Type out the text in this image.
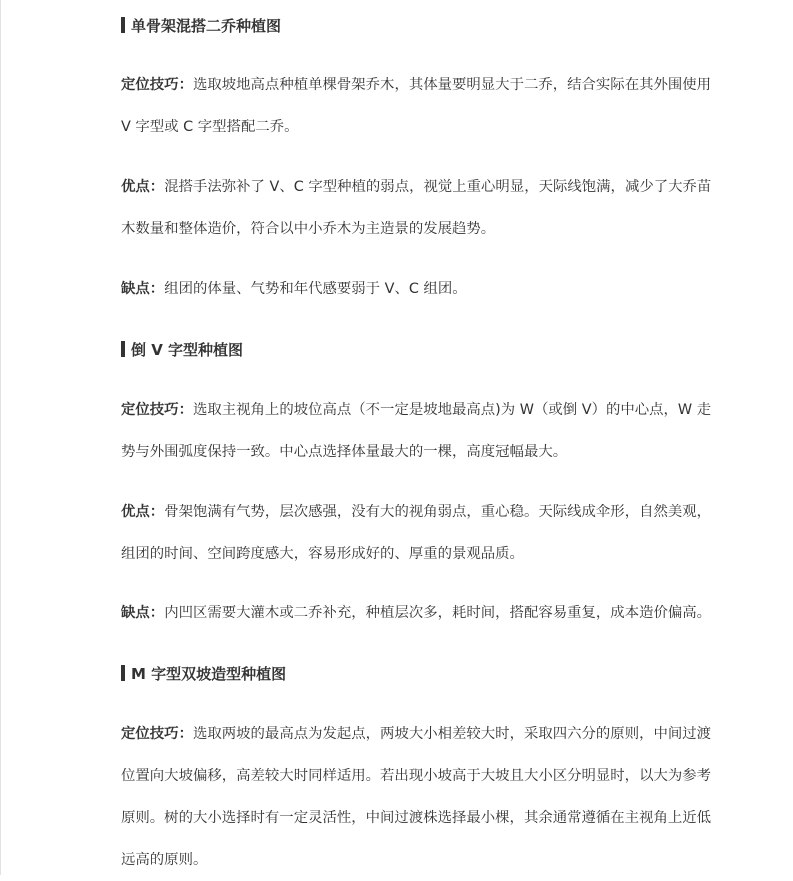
单骨架混搭二乔种植图
定位技巧：选取坡地高点种植单棵骨架乔木，其体量要明显大于二乔，结合实际在其外围使用
V 字型或 C 字型搭配二乔。
优点：混搭手法弥补了 V、C 字型种植的弱点，视觉上重心明显，天际线饱满，减少了大乔苗
木数量和整体造价，符合以中小乔木为主造景的发展趋势。
缺点：组团的体量、气势和年代感要弱于 V、C 组团。
倒 V 字型种植图
定位技巧：选取主视角上的坡位高点（不一定是坡地最高点)为 W（或倒 V）的中心点，W 走
势与外围弧度保持一致。中心点选择体量最大的一棵，高度冠幅最大。
优点：骨架饱满有气势，层次感强，没有大的视角弱点，重心稳。天际线成伞形，自然美观，
组团的时间、空间跨度感大，容易形成好的、厚重的景观品质。
缺点：内凹区需要大灌木或二乔补充，种植层次多，耗时间，搭配容易重复，成本造价偏高。
M 字型双坡造型种植图
定位技巧：选取两坡的最高点为发起点，两坡大小相差较大时，采取四六分的原则，中间过渡
位置向大坡偏移，高差较大时同样适用。若出现小坡高于大坡且大小区分明显时，以大为参考
原则。树的大小选择时有一定灵活性，中间过渡株选择最小棵，其余通常遵循在主视角上近低
远高的原则。
